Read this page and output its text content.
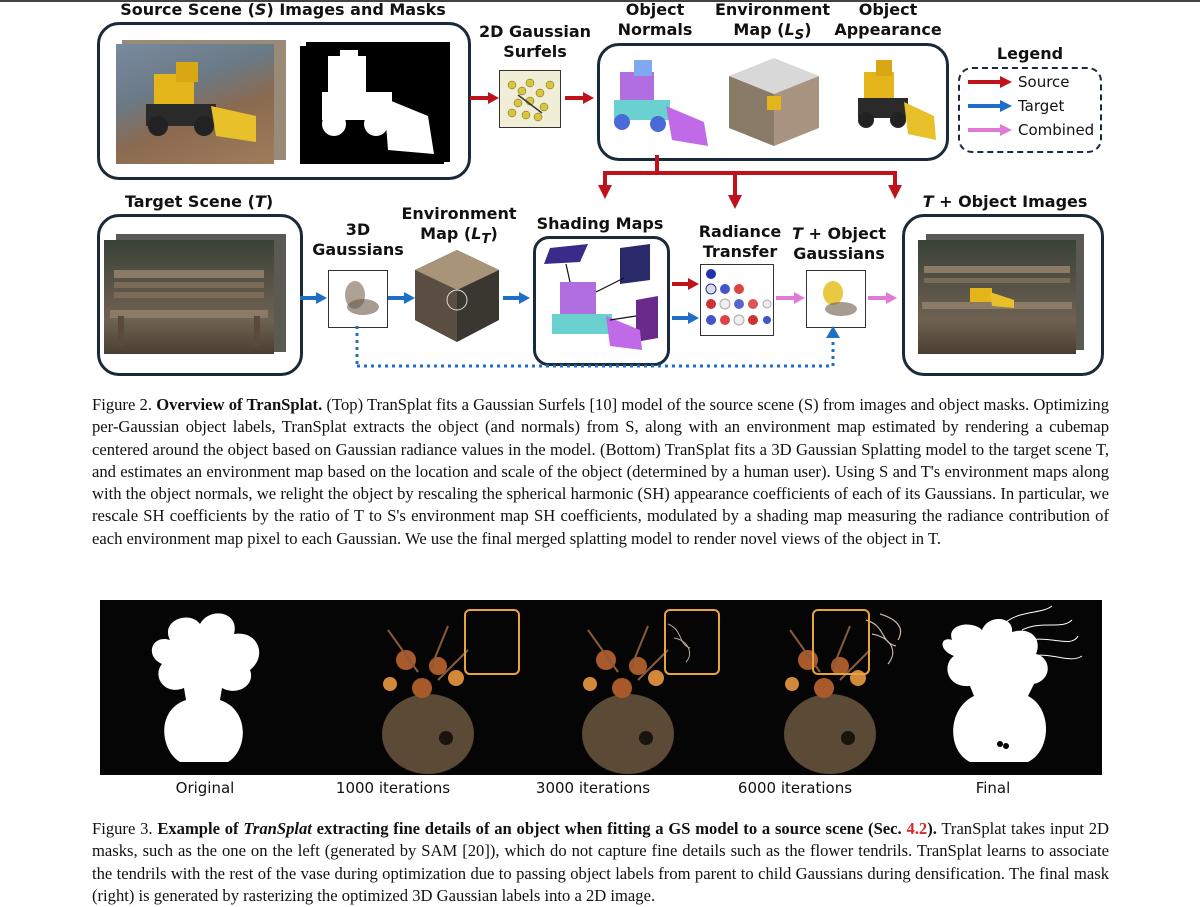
Source Scene (S) Images and Masks
2D Gaussian
Surfels
Object
Normals
Environment
Map $(L_S)$
Object
Appearance
Legend
Source
Target
Combined
Target Scene (T)
3D
Gaussians
Environment
Map $(L_T)$
Shading Maps	Radiance
Transfer
T + Object
Gaussians
T + Object Images
Figure 2. Overview of TranSplat. (Top) TranSplat fits a Gaussian Surfels [10] model of the source scene (S) from images and object masks. Optimizing per-Gaussian object labels, TranSplat extracts the object (and normals) from S, along with an environment map estimated by rendering a cubemap centered around the object based on Gaussian radiance values in the model. (Bottom) TranSplat fits a 3D Gaussian Splatting model to the target scene T, and estimates an environment map based on the location and scale of the object (determined by a human user). Using S and T's environment maps along with the object normals, we relight the object by rescaling the spherical harmonic (SH) appearance coefficients of each of its Gaussians. In particular, we rescale SH coefficients by the ratio of T to S's environment map SH coefficients, modulated by a shading map measuring the radiance contribution of each environment map pixel to each Gaussian. We use the final merged splatting model to render novel views of the object in T.
Original	1000 iterations	3000 iterations	6000 iterations	Final
Figure 3. Example of TranSplat extracting fine details of an object when fitting a GS model to a source scene (Sec. 4.2). TranSplat takes input 2D masks, such as the one on the left (generated by SAM [20]), which do not capture fine details such as the flower tendrils. TranSplat learns to associate the tendrils with the rest of the vase during optimization due to passing object labels from parent to child Gaussians during densification. The final mask (right) is generated by rasterizing the optimized 3D Gaussian labels into a 2D image.
